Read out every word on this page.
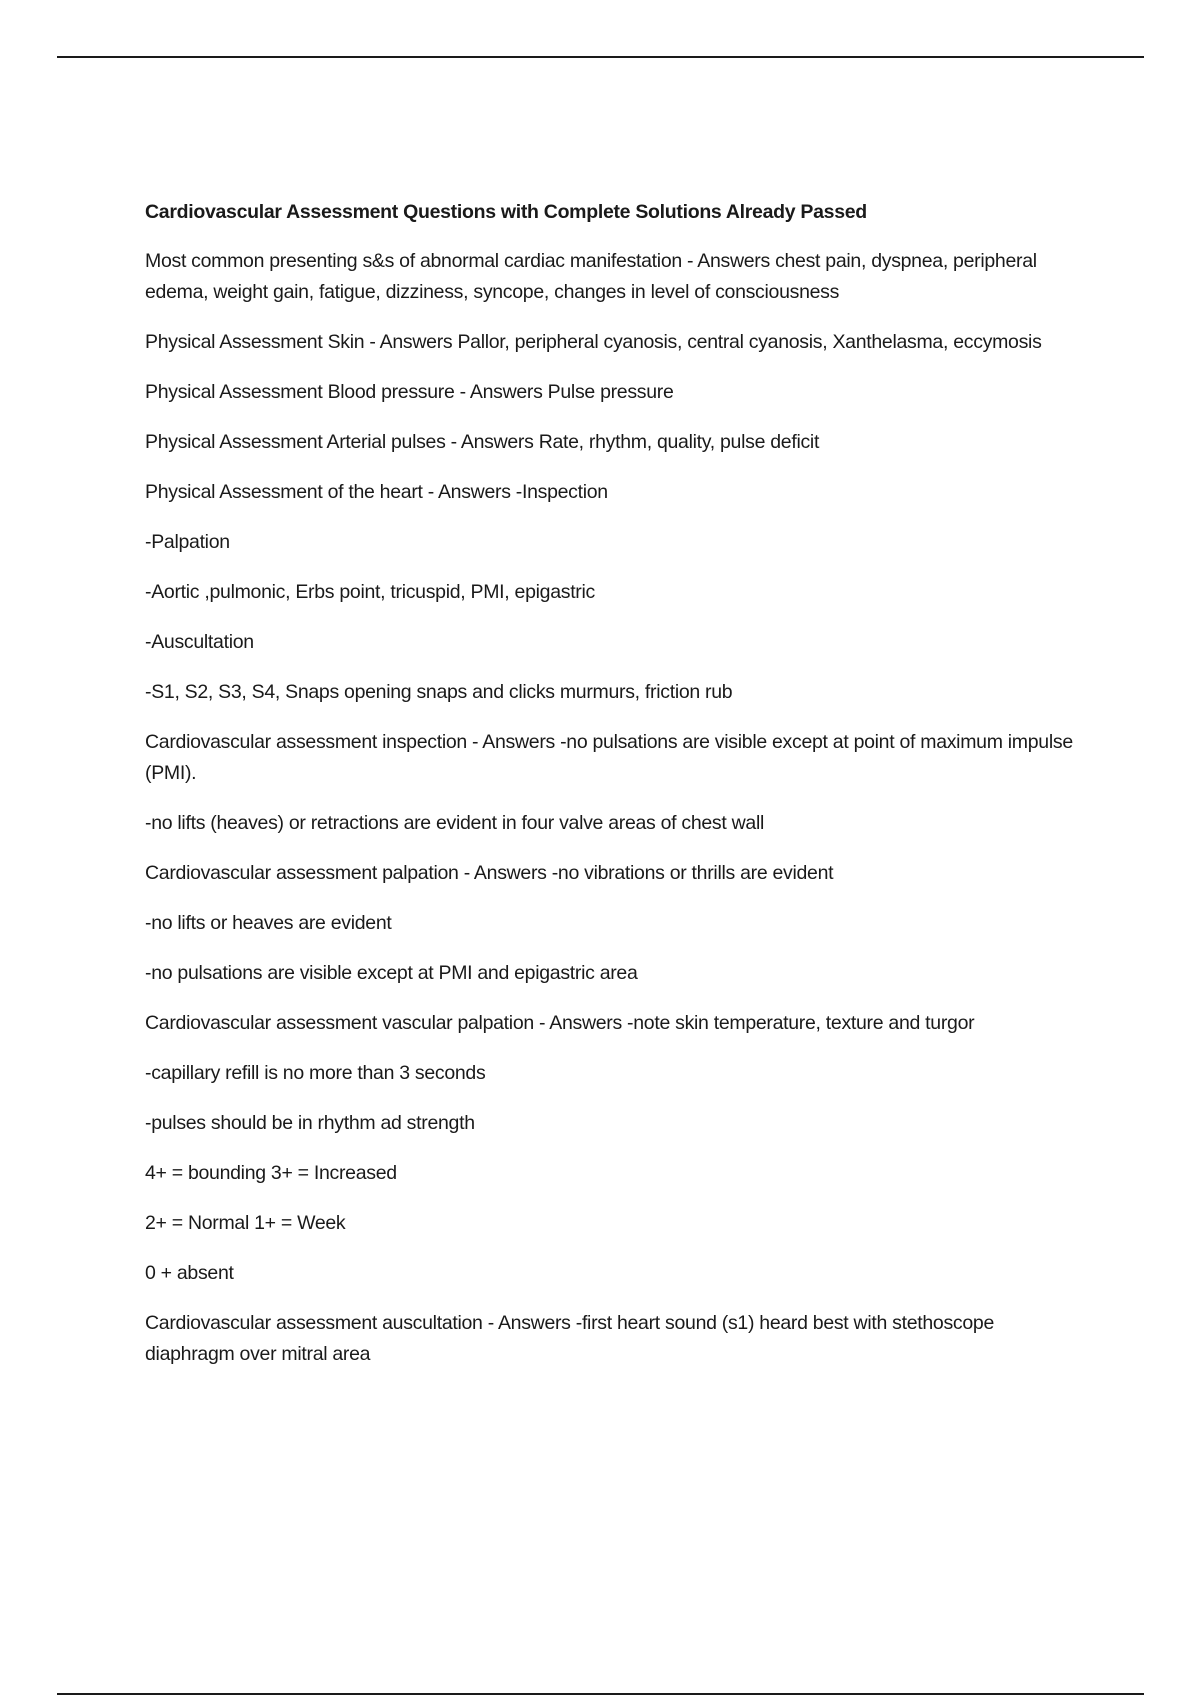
Cardiovascular Assessment Questions with Complete Solutions Already Passed

Most common presenting s&s of abnormal cardiac manifestation - Answers chest pain, dyspnea, peripheral edema, weight gain, fatigue, dizziness, syncope, changes in level of consciousness

Physical Assessment Skin - Answers Pallor, peripheral cyanosis, central cyanosis, Xanthelasma, eccymosis

Physical Assessment Blood pressure - Answers Pulse pressure

Physical Assessment Arterial pulses - Answers Rate, rhythm, quality, pulse deficit

Physical Assessment of the heart - Answers -Inspection

-Palpation

-Aortic ,pulmonic, Erbs point, tricuspid, PMI, epigastric

-Auscultation

-S1, S2, S3, S4, Snaps opening snaps and clicks murmurs, friction rub

Cardiovascular assessment inspection - Answers -no pulsations are visible except at point of maximum impulse (PMI).

-no lifts (heaves) or retractions are evident in four valve areas of chest wall

Cardiovascular assessment palpation - Answers -no vibrations or thrills are evident

-no lifts or heaves are evident

-no pulsations are visible except at PMI and epigastric area

Cardiovascular assessment vascular palpation - Answers -note skin temperature, texture and turgor

-capillary refill is no more than 3 seconds

-pulses should be in rhythm ad strength

4+ = bounding 3+ = Increased

2+ = Normal 1+ = Week

0 + absent

Cardiovascular assessment auscultation - Answers -first heart sound (s1) heard best with stethoscope diaphragm over mitral area
